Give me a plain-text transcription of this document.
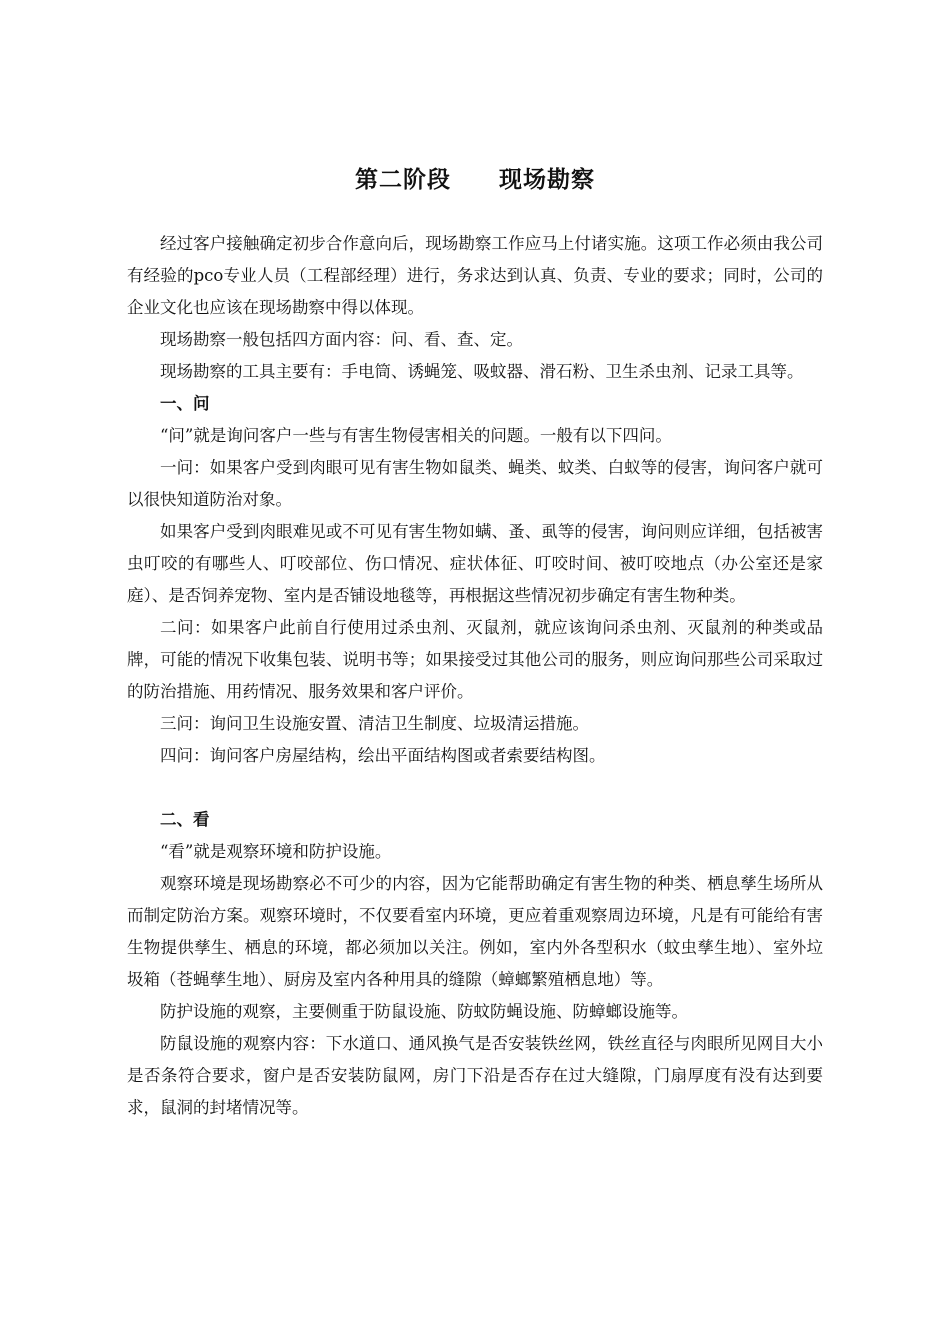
第二阶段　　现场勘察

经过客户接触确定初步合作意向后，现场勘察工作应马上付诸实施。这项工作必须由我公司有经验的pco专业人员（工程部经理）进行，务求达到认真、负责、专业的要求；同时，公司的企业文化也应该在现场勘察中得以体现。

现场勘察一般包括四方面内容：问、看、查、定。

现场勘察的工具主要有：手电筒、诱蝇笼、吸蚊器、滑石粉、卫生杀虫剂、记录工具等。

一、问

“问”就是询问客户一些与有害生物侵害相关的问题。一般有以下四问。

一问：如果客户受到肉眼可见有害生物如鼠类、蝇类、蚊类、白蚁等的侵害，询问客户就可以很快知道防治对象。

如果客户受到肉眼难见或不可见有害生物如螨、蚤、虱等的侵害，询问则应详细，包括被害虫叮咬的有哪些人、叮咬部位、伤口情况、症状体征、叮咬时间、被叮咬地点（办公室还是家庭）、是否饲养宠物、室内是否铺设地毯等，再根据这些情况初步确定有害生物种类。

二问：如果客户此前自行使用过杀虫剂、灭鼠剂，就应该询问杀虫剂、灭鼠剂的种类或品牌，可能的情况下收集包装、说明书等；如果接受过其他公司的服务，则应询问那些公司采取过的防治措施、用药情况、服务效果和客户评价。

三问：询问卫生设施安置、清洁卫生制度、垃圾清运措施。

四问：询问客户房屋结构，绘出平面结构图或者索要结构图。

二、看

“看”就是观察环境和防护设施。

观察环境是现场勘察必不可少的内容，因为它能帮助确定有害生物的种类、栖息孳生场所从而制定防治方案。观察环境时，不仅要看室内环境，更应着重观察周边环境，凡是有可能给有害生物提供孳生、栖息的环境，都必须加以关注。例如，室内外各型积水（蚊虫孳生地）、室外垃圾箱（苍蝇孳生地）、厨房及室内各种用具的缝隙（蟑螂繁殖栖息地）等。

防护设施的观察，主要侧重于防鼠设施、防蚊防蝇设施、防蟑螂设施等。

防鼠设施的观察内容：下水道口、通风换气是否安装铁丝网，铁丝直径与肉眼所见网目大小是否条符合要求，窗户是否安装防鼠网，房门下沿是否存在过大缝隙，门扇厚度有没有达到要求，鼠洞的封堵情况等。
